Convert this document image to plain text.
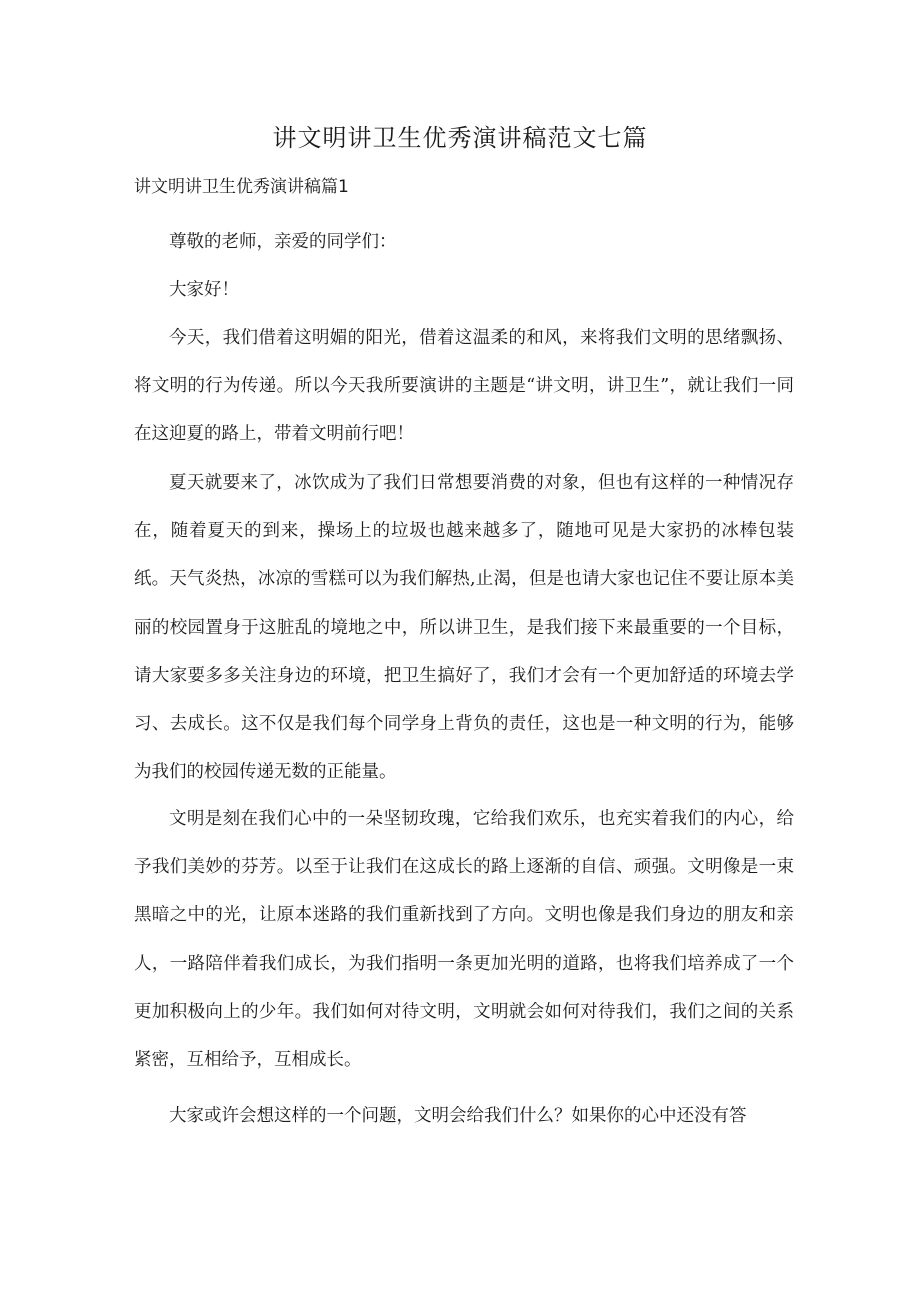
讲文明讲卫生优秀演讲稿范文七篇
讲文明讲卫生优秀演讲稿篇1

尊敬的老师，亲爱的同学们：

大家好！

今天，我们借着这明媚的阳光，借着这温柔的和风，来将我们文明的思绪飘扬、将文明的行为传递。所以今天我所要演讲的主题是“讲文明，讲卫生”，就让我们一同在这迎夏的路上，带着文明前行吧！

夏天就要来了，冰饮成为了我们日常想要消费的对象，但也有这样的一种情况存在，随着夏天的到来，操场上的垃圾也越来越多了，随地可见是大家扔的冰棒包装纸。天气炎热，冰凉的雪糕可以为我们解热,止渴，但是也请大家也记住不要让原本美丽的校园置身于这脏乱的境地之中，所以讲卫生，是我们接下来最重要的一个目标，请大家要多多关注身边的环境，把卫生搞好了，我们才会有一个更加舒适的环境去学习、去成长。这不仅是我们每个同学身上背负的责任，这也是一种文明的行为，能够为我们的校园传递无数的正能量。

文明是刻在我们心中的一朵坚韧玫瑰，它给我们欢乐，也充实着我们的内心，给予我们美妙的芬芳。以至于让我们在这成长的路上逐渐的自信、顽强。文明像是一束黑暗之中的光，让原本迷路的我们重新找到了方向。文明也像是我们身边的朋友和亲人，一路陪伴着我们成长，为我们指明一条更加光明的道路，也将我们培养成了一个更加积极向上的少年。我们如何对待文明，文明就会如何对待我们，我们之间的关系紧密，互相给予，互相成长。

大家或许会想这样的一个问题，文明会给我们什么？如果你的心中还没有答
